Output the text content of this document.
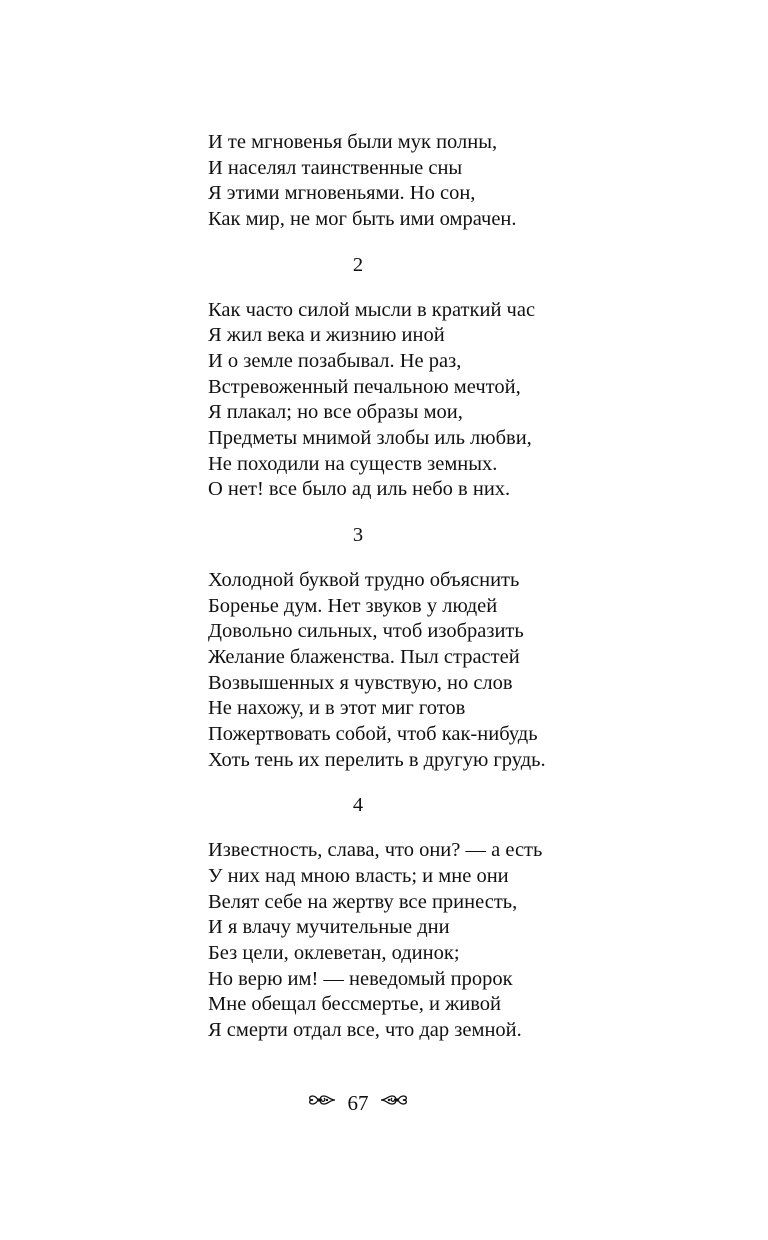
И те мгновенья были мук полны,
И населял таинственные сны
Я этими мгновеньями. Но сон,
Как мир, не мог быть ими омрачен.
2
Как часто силой мысли в краткий час
Я жил века и жизнию иной
И о земле позабывал. Не раз,
Встревоженный печальною мечтой,
Я плакал; но все образы мои,
Предметы мнимой злобы иль любви,
Не походили на существ земных.
О нет! все было ад иль небо в них.
3
Холодной буквой трудно объяснить
Боренье дум. Нет звуков у людей
Довольно сильных, чтоб изобразить
Желание блаженства. Пыл страстей
Возвышенных я чувствую, но слов
Не нахожу, и в этот миг готов
Пожертвовать собой, чтоб как-нибудь
Хоть тень их перелить в другую грудь.
4
Известность, слава, что они? — а есть
У них над мною власть; и мне они
Велят себе на жертву все принесть,
И я влачу мучительные дни
Без цели, оклеветан, одинок;
Но верю им! — неведомый пророк
Мне обещал бессмертье, и живой
Я смерти отдал все, что дар земной.
67
